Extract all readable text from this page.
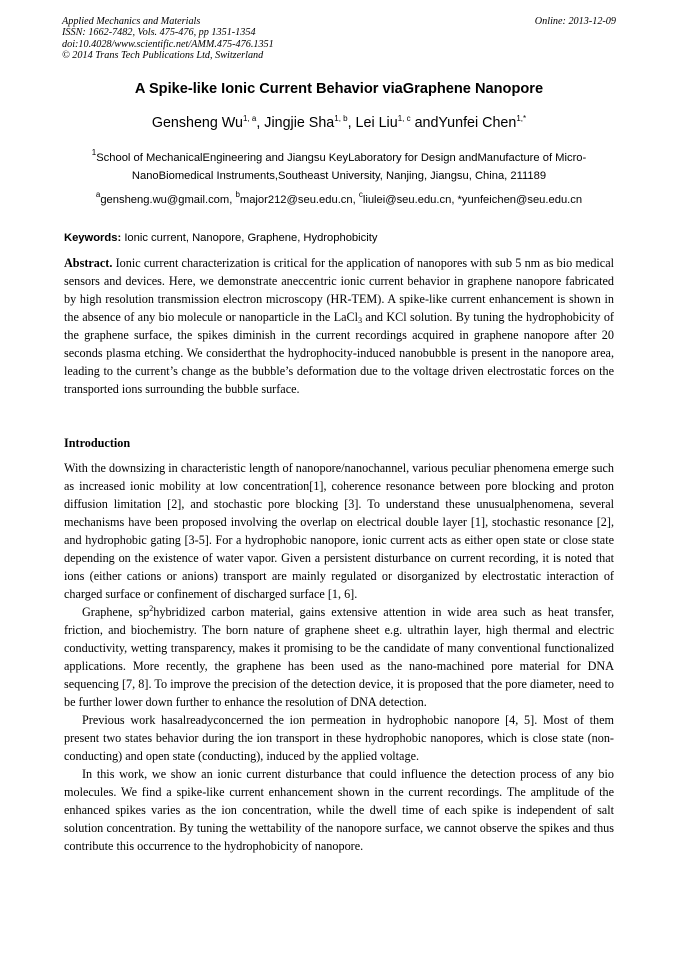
Applied Mechanics and Materials
ISSN: 1662-7482, Vols. 475-476, pp 1351-1354
doi:10.4028/www.scientific.net/AMM.475-476.1351
© 2014 Trans Tech Publications Ltd, Switzerland
Online: 2013-12-09
A Spike-like Ionic Current Behavior viaGraphene Nanopore
Gensheng Wu$^{1, a}$, Jingjie Sha$^{1, b}$, Lei Liu$^{1, c}$ andYunfei Chen$^{1,*}$
$^1$School of MechanicalEngineering and Jiangsu KeyLaboratory for Design andManufacture of Micro-NanoBiomedical Instruments,Southeast University, Nanjing, Jiangsu, China, 211189
$^a$gensheng.wu@gmail.com, $^b$major212@seu.edu.cn, $^c$liulei@seu.edu.cn, *yunfeichen@seu.edu.cn
Keywords: Ionic current, Nanopore, Graphene, Hydrophobicity
Abstract. Ionic current characterization is critical for the application of nanopores with sub 5 nm as bio medical sensors and devices. Here, we demonstrate aneccentric ionic current behavior in graphene nanopore fabricated by high resolution transmission electron microscopy (HR-TEM). A spike-like current enhancement is shown in the absence of any bio molecule or nanoparticle in the LaCl$_3$ and KCl solution. By tuning the hydrophobicity of the graphene surface, the spikes diminish in the current recordings acquired in graphene nanopore after 20 seconds plasma etching. We considerthat the hydrophocity-induced nanobubble is present in the nanopore area, leading to the current’s change as the bubble’s deformation due to the voltage driven electrostatic forces on the transported ions surrounding the bubble surface.
Introduction

With the downsizing in characteristic length of nanopore/nanochannel, various peculiar phenomena emerge such as increased ionic mobility at low concentration[1], coherence resonance between pore blocking and proton diffusion limitation [2], and stochastic pore blocking [3]. To understand these unusualphenomena, several mechanisms have been proposed involving the overlap on electrical double layer [1], stochastic resonance [2], and hydrophobic gating [3-5]. For a hydrophobic nanopore, ionic current acts as either open state or close state depending on the existence of water vapor. Given a persistent disturbance on current recording, it is noted that ions (either cations or anions) transport are mainly regulated or disorganized by electrostatic interaction of charged surface or confinement of discharged surface [1, 6].

Graphene, $sp^2hybridized$ carbon material, gains extensive attention in wide area such as heat transfer, friction, and biochemistry. The born nature of graphene sheet e.g. ultrathin layer, high thermal and electric conductivity, wetting transparency, makes it promising to be the candidate of many conventional functionalized applications. More recently, the graphene has been used as the nano-machined pore material for DNA sequencing [7, 8]. To improve the precision of the detection device, it is proposed that the pore diameter, need to be further lower down further to enhance the resolution of DNA detection.

Previous work hasalreadyconcerned the ion permeation in hydrophobic nanopore [4, 5]. Most of them present two states behavior during the ion transport in these hydrophobic nanopores, which is close state (non-conducting) and open state (conducting), induced by the applied voltage.

In this work, we show an ionic current disturbance that could influence the detection process of any bio molecules. We find a spike-like current enhancement shown in the current recordings. The amplitude of the enhanced spikes varies as the ion concentration, while the dwell time of each spike is independent of salt solution concentration. By tuning the wettability of the nanopore surface, we cannot observe the spikes and thus contribute this occurrence to the hydrophobicity of nanopore.
